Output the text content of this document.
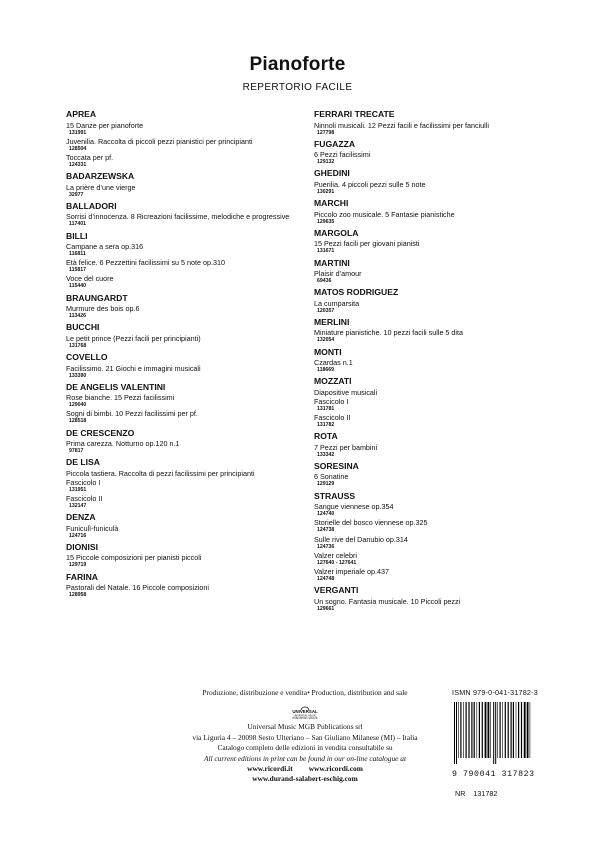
Pianoforte
REPERTORIO FACILE
APREA
15 Danze per pianoforte
131991
Juvenilia. Raccolta di piccoli pezzi pianistici per principianti
128504
Toccata per pf.
124331
BADARZEWSKA
La prière d’une vierge
32977
BALLADORI
Sorrisi d’innocenza. 8 Ricreazioni facilissime, melodiche e progressive
117401
BILLI
Campane a sera op.316
116811
Età felice. 6 Pezzettini facilissimi su 5 note op.310
115817
Voce del cuore
115440
BRAUNGARDT
Murmure des bois op.6
113426
BUCCHI
Le petit prince (Pezzi facili per principianti)
131768
COVELLO
Facilissimo. 21 Giochi e immagini musicali
133390
DE ANGELIS VALENTINI
Rose bianche. 15 Pezzi facilissimi
129040
Sogni di bimbi. 10 Pezzi facilissimi per pf.
128518
DE CRESCENZO
Prima carezza. Notturno op.120 n.1
97817
DE LISA
Piccola tastiera. Raccolta di pezzi facilissimi per principianti
Fascicolo I
131951
Fascicolo II
132147
DENZA
Funiculì-funiculà
124716
DIONISI
15 Piccole composizioni per pianisti piccoli
129719
FARINA
Pastorali del Natale. 16 Piccole composizioni
128958
FERRARI TRECATE
Ninnoli musicali. 12 Pezzi facili e facilissimi per fanciulli
127798
FUGAZZA
6 Pezzi facilissimi
129132
GHEDINI
Puerilia. 4 piccoli pezzi sulle 5 note
130291
MARCHI
Piccolo zoo musicale. 5 Fantasie pianistiche
129635
MARGOLA
15 Pezzi facili per giovani pianisti
131671
MARTINI
Plaisir d’amour
69436
MATOS RODRIGUEZ
La cumparsita
120357
MERLINI
Miniature pianistiche. 10 pezzi facili sulle 5 dita
132054
MONTI
Czardas n.1
118669
MOZZATI
Diapositive musicali
Fascicolo I
131781
Fascicolo II
131782
ROTA
7 Pezzi per bambini
133342
SORESINA
6 Sonatine
129129
STRAUSS
Sangue viennese op.354
124740
Storielle del bosco viennese op.325
124738
Sulle rive del Danubio op.314
124736
Valzer celebri
127640 - 127641
Valzer imperiale op.437
124748
VERGANTI
Un sogno. Fantasia musicale. 10 Piccoli pezzi
129661
Produzione, distribuzione e vendita• Production, distribution and sale
UNIVERSAL
UNIVERSAL MUSIC
PUBLISHING GROUP
Universal Music MGB Publications srl
via Liguria 4 – 20098 Sesto Ulteriano – San Giuliano Milanese (MI) – Italia
Catalogo completo delle edizioni in vendita consultabile su
All current editions in print can be found in our on-line catalogue at
www.ricordi.it www.ricordi.com
www.durand-salabert-eschig.com
ISMN 979-0-041-31782-3
9 790041 317823
NR 131782
